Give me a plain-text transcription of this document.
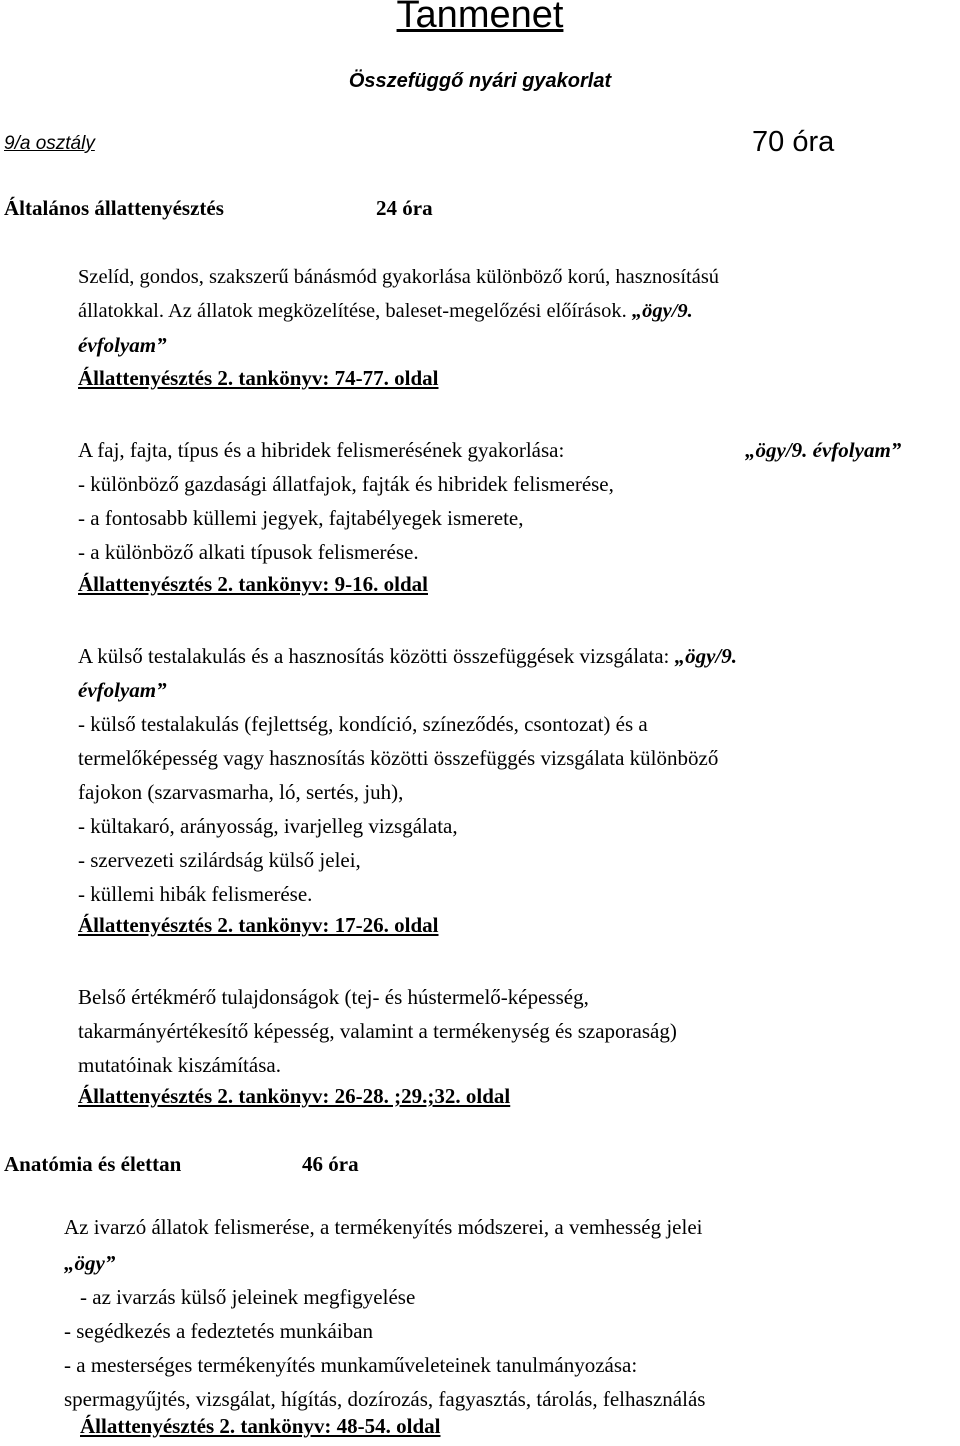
Tanmenet
Összefüggő nyári gyakorlat
9/a osztály	70 óra
Általános állattenyésztés	24 óra
Szelíd, gondos, szakszerű bánásmód gyakorlása különböző korú, hasznosítású
állatokkal. Az állatok megközelítése, baleset-megelőzési előírások. „ögy/9.
évfolyam”
Állattenyésztés 2. tankönyv: 74-77. oldal
A faj, fajta, típus és a hibridek felismerésének gyakorlása:	„ögy/9. évfolyam”
- különböző gazdasági állatfajok, fajták és hibridek felismerése,
- a fontosabb küllemi jegyek, fajtabélyegek ismerete,
- a különböző alkati típusok felismerése.
Állattenyésztés 2. tankönyv: 9-16. oldal
A külső testalakulás és a hasznosítás közötti összefüggések vizsgálata: „ögy/9.
évfolyam”
- külső testalakulás (fejlettség, kondíció, színeződés, csontozat) és a
termelőképesség vagy hasznosítás közötti összefüggés vizsgálata különböző
fajokon (szarvasmarha, ló, sertés, juh),
- kültakaró, arányosság, ivarjelleg vizsgálata,
- szervezeti szilárdság külső jelei,
- küllemi hibák felismerése.
Állattenyésztés 2. tankönyv: 17-26. oldal
Belső értékmérő tulajdonságok (tej- és hústermelő-képesség,
takarmányértékesítő képesség, valamint a termékenység és szaporaság)
mutatóinak kiszámítása.
Állattenyésztés 2. tankönyv: 26-28. ;29.;32. oldal
Anatómia és élettan	46 óra
Az ivarzó állatok felismerése, a termékenyítés módszerei, a vemhesség jelei
„ögy”
- az ivarzás külső jeleinek megfigyelése
- segédkezés a fedeztetés munkáiban
- a mesterséges termékenyítés munkaműveleteinek tanulmányozása:
spermagyűjtés, vizsgálat, hígítás, dozírozás, fagyasztás, tárolás, felhasználás
Állattenyésztés 2. tankönyv: 48-54. oldal
